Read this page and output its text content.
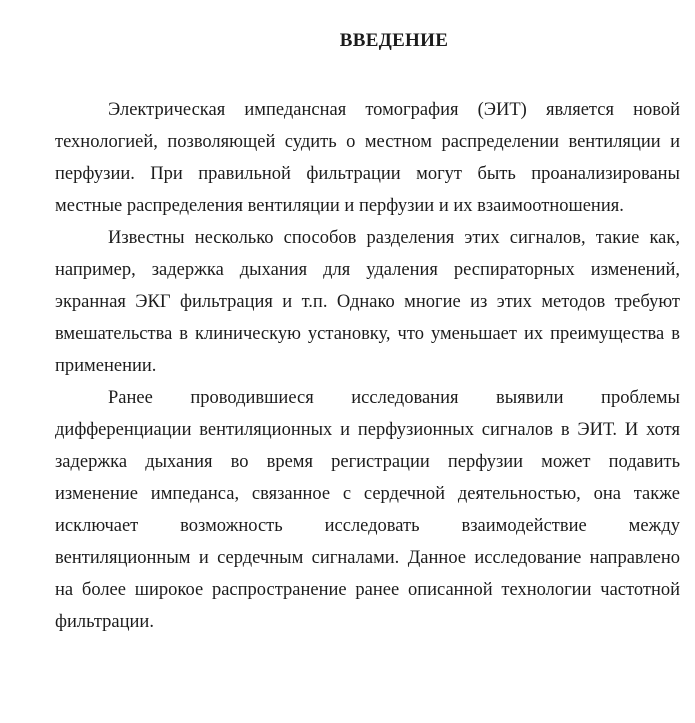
ВВЕДЕНИЕ

Электрическая импедансная томография (ЭИТ) является новой
технологией, позволяющей судить о местном распределении вентиляции и
перфузии. При правильной фильтрации могут быть проанализированы
местные распределения вентиляции и перфузии и их взаимоотношения.

Известны несколько способов разделения этих сигналов, такие как,
например, задержка дыхания для удаления респираторных изменений,
экранная ЭКГ фильтрация и т.п. Однако многие из этих методов требуют
вмешательства в клиническую установку, что уменьшает их преимущества в
применении.

Ранее проводившиеся исследования выявили проблемы
дифференциации вентиляционных и перфузионных сигналов в ЭИТ. И хотя
задержка дыхания во время регистрации перфузии может подавить
изменение импеданса, связанное с сердечной деятельностью, она также
исключает возможность исследовать взаимодействие между
вентиляционным и сердечным сигналами. Данное исследование направлено
на более широкое распространение ранее описанной технологии частотной
фильтрации.
